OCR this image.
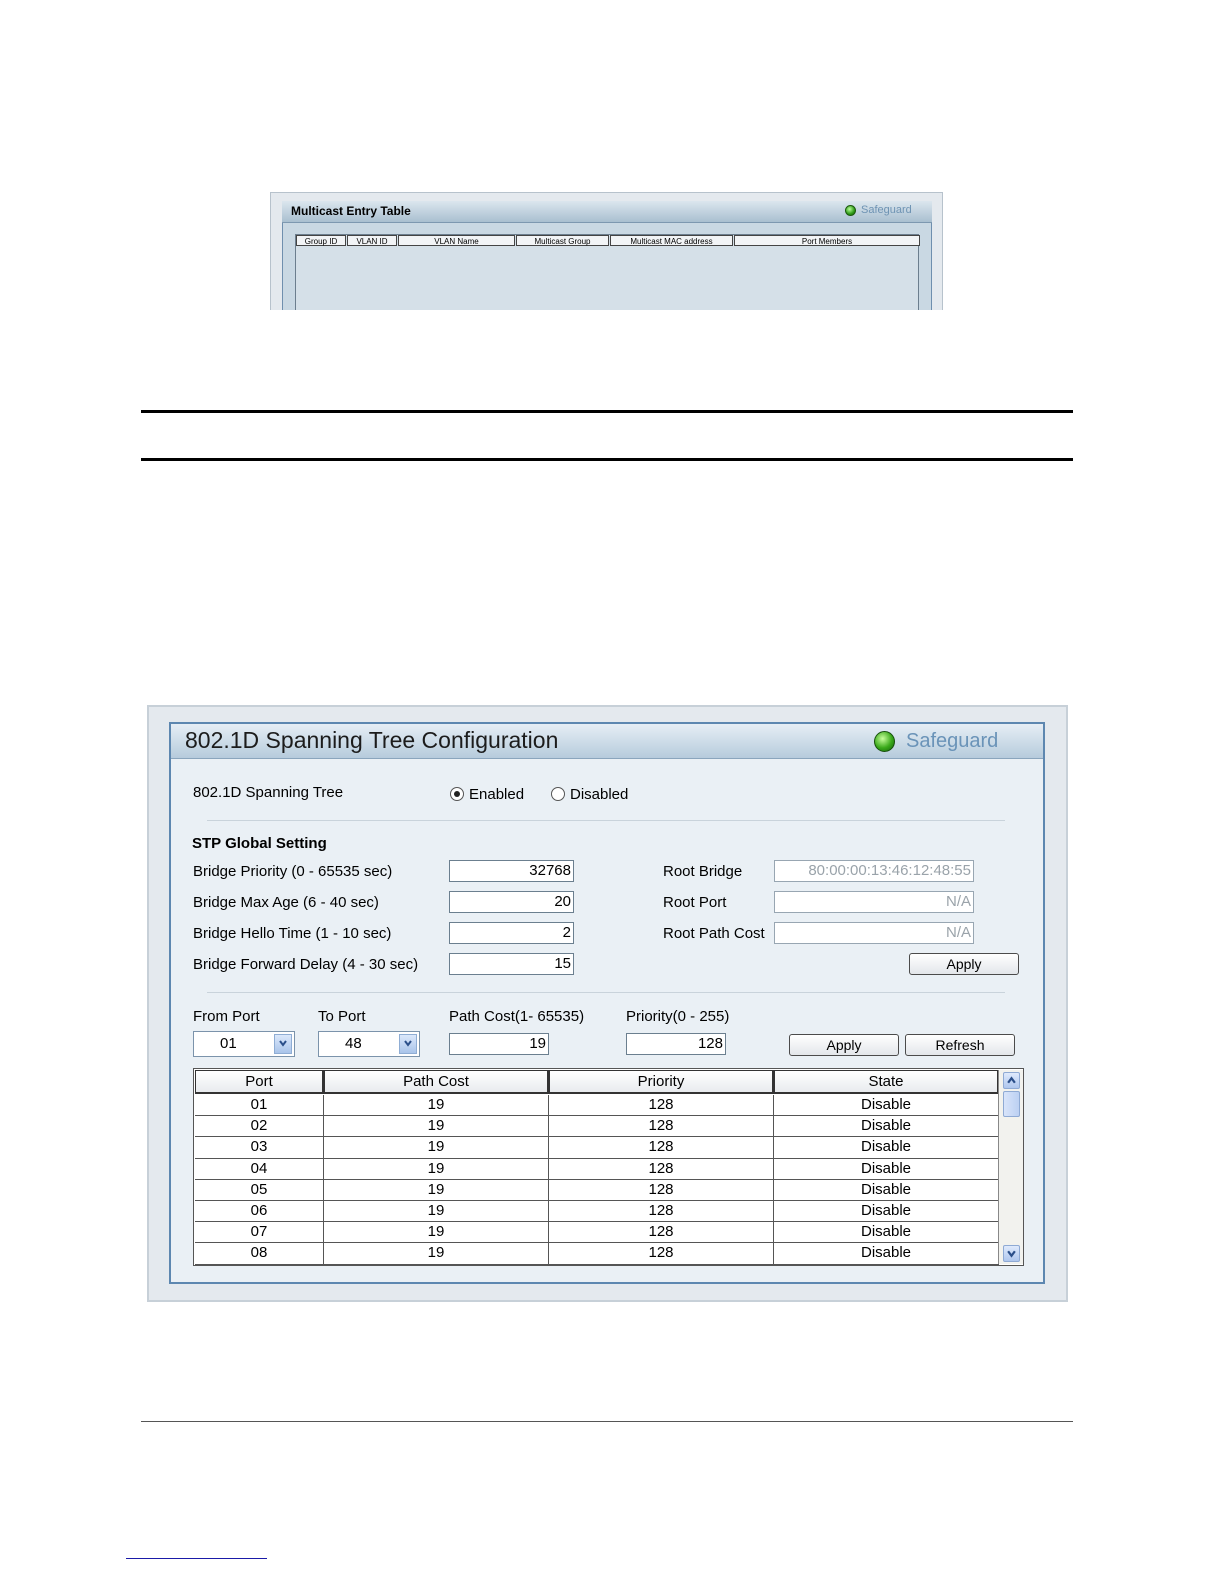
Multicast Entry Table	Safeguard
Group ID	VLAN ID	VLAN Name	Multicast Group	Multicast MAC address	Port Members
802.1D Spanning Tree Configuration	Safeguard
802.1D Spanning Tree	Enabled	Disabled
STP Global Setting
Bridge Priority (0 - 65535 sec)	32768
Bridge Max Age (6 - 40 sec)	20
Bridge Hello Time (1 - 10 sec)	2
Bridge Forward Delay (4 - 30 sec)	15
Root Bridge	80:00:00:13:46:12:48:55
Root Port	N/A
Root Path Cost	N/A
Apply
From Port
01
To Port
48
Path Cost(1- 65535)
19
Priority(0 - 255)
128	Apply	Refresh
Port	Path Cost	Priority	State
01	19	128	Disable
02	19	128	Disable
03	19	128	Disable
04	19	128	Disable
05	19	128	Disable
06	19	128	Disable
07	19	128	Disable
08	19	128	Disable
